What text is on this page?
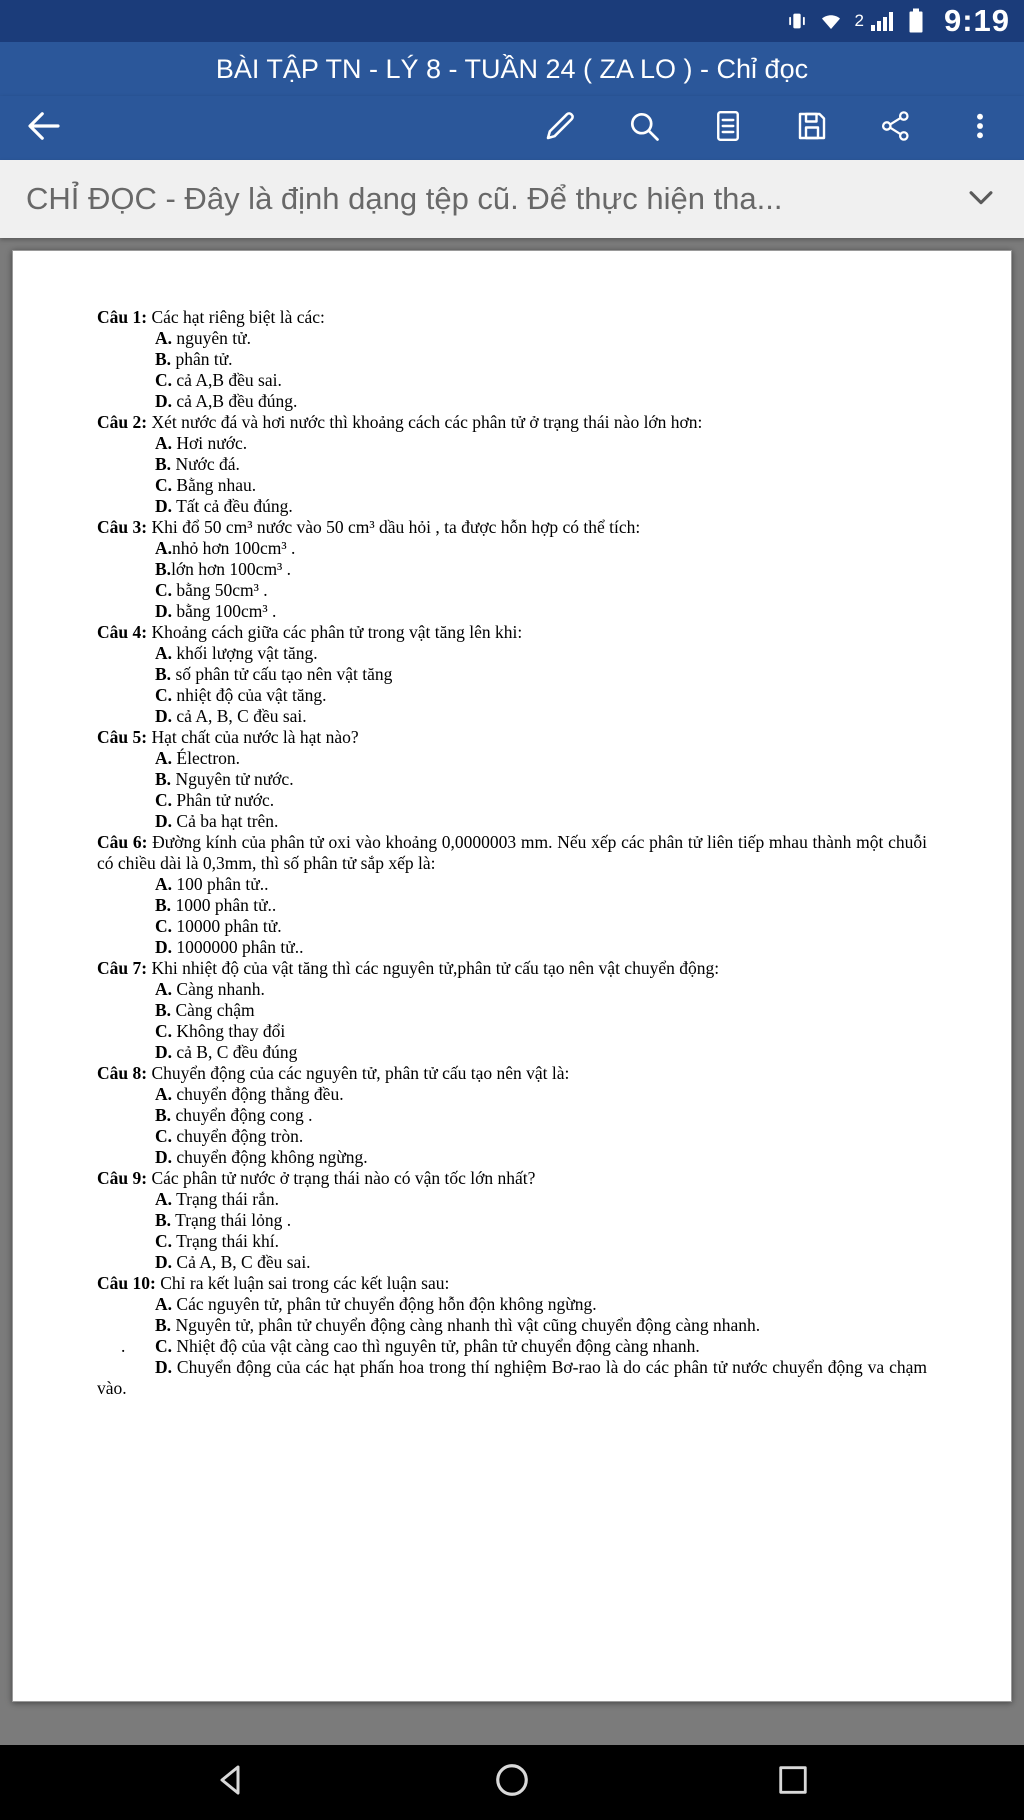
2	9:19
BÀI TẬP TN - LÝ 8 - TUẦN 24 ( ZA LO ) - Chỉ đọc
CHỈ ĐỌC - Đây là định dạng tệp cũ. Để thực hiện tha...

Câu 1: Các hạt riêng biệt là các:

A. nguyên tử.

B. phân tử.

C. cả A,B đều sai.

D. cả A,B đều đúng.

Câu 2: Xét nước đá và hơi nước thì khoảng cách các phân tử ở trạng thái nào lớn hơn:

A. Hơi nước.

B. Nước đá.

C. Bằng nhau.

D. Tất cả đều đúng.

Câu 3: Khi đổ 50 cm³ nước vào 50 cm³ dầu hỏi , ta được hỗn hợp có thể tích:

A.nhỏ hơn 100cm³ .

B.lớn hơn 100cm³ .

C. bằng 50cm³ .

D. bằng 100cm³ .

Câu 4: Khoảng cách giữa các phân tử trong vật tăng lên khi:

A. khối lượng vật tăng.

B. số phân tử cấu tạo nên vật tăng

C. nhiệt độ của vật tăng.

D. cả A, B, C đều sai.

Câu 5: Hạt chất của nước là hạt nào?

A. Électron.

B. Nguyên tử nước.

C. Phân tử nước.

D. Cả ba hạt trên.

Câu 6: Đường kính của phân tử oxi vào khoảng 0,0000003 mm. Nếu xếp các phân tử liên tiếp mhau thành một chuỗi có chiều dài là 0,3mm, thì số phân tử sắp xếp là:

A. 100 phân tử..

B. 1000 phân tử..

C. 10000 phân tử.

D. 1000000 phân tử..

Câu 7: Khi nhiệt độ của vật tăng thì các nguyên tử,phân tử cấu tạo nên vật chuyển động:

A. Càng nhanh.

B. Càng chậm

C. Không thay đổi

D. cả B, C đều đúng

Câu 8: Chuyển động của các nguyên tử, phân tử cấu tạo nên vật là:

A. chuyển động thẳng đều.

B. chuyển động cong .

C. chuyển động tròn.

D. chuyển động không ngừng.

Câu 9: Các phân tử nước ở trạng thái nào có vận tốc lớn nhất?

A. Trạng thái rắn.

B. Trạng thái lỏng .

C. Trạng thái khí.

D. Cả A, B, C đều sai.

Câu 10: Chỉ ra kết luận sai trong các kết luận sau:

A. Các nguyên tử, phân tử chuyển động hỗn độn không ngừng.

B. Nguyên tử, phân tử chuyển động càng nhanh thì vật cũng chuyển động càng nhanh.

. C. Nhiệt độ của vật càng cao thì nguyên tử, phân tử chuyển động càng nhanh.

D. Chuyển động của các hạt phấn hoa trong thí nghiệm Bơ-rao là do các phân tử nước chuyển động va chạm vào.
